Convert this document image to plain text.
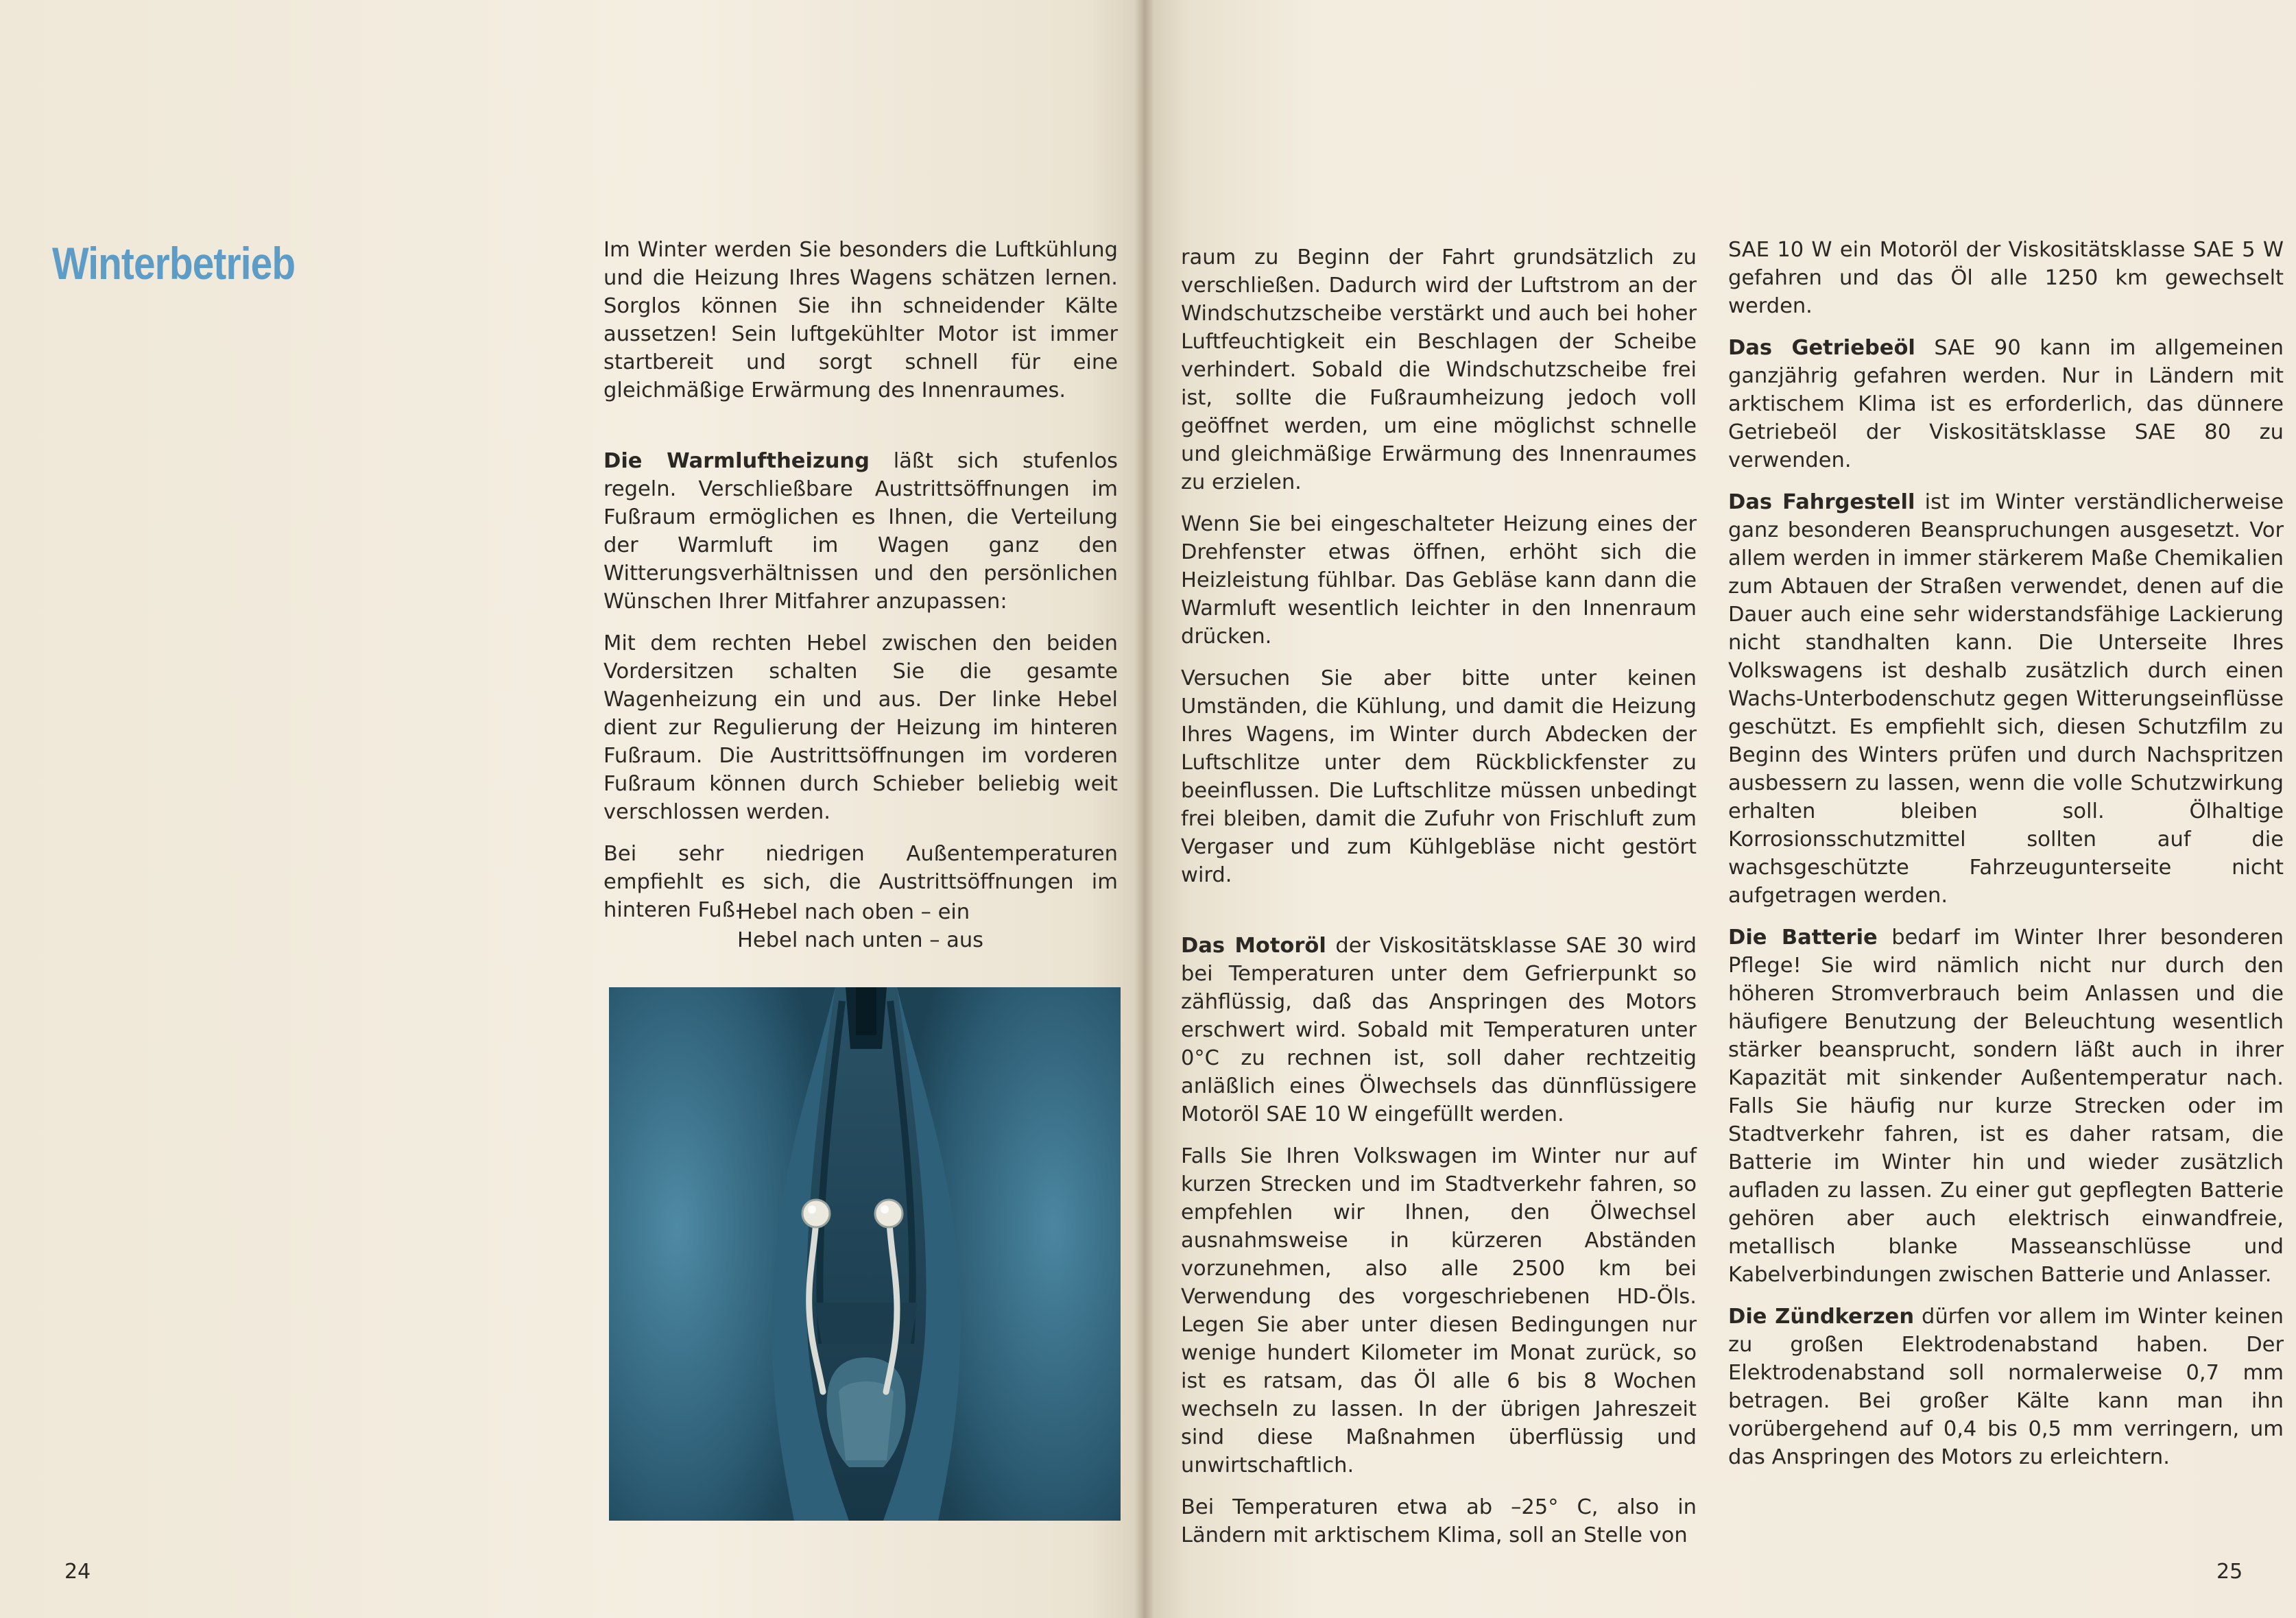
Winterbetrieb	Im Winter werden Sie besonders die Luftkühlung und die Heizung Ihres Wagens schätzen lernen. Sorglos können Sie ihn schneidender Kälte aussetzen! Sein luftgekühlter Motor ist immer startbereit und sorgt schnell für eine gleichmäßige Erwärmung des Innenraumes.

Die Warmluftheizung läßt sich stufenlos regeln. Verschließbare Austrittsöffnungen im Fußraum ermöglichen es Ihnen, die Verteilung der Warmluft im Wagen ganz den Witterungsverhältnissen und den persönlichen Wünschen Ihrer Mitfahrer anzupassen:

Mit dem rechten Hebel zwischen den beiden Vordersitzen schalten Sie die gesamte Wagenheizung ein und aus. Der linke Hebel dient zur Regulierung der Heizung im hinteren Fußraum. Die Austrittsöffnungen im vorderen Fußraum können durch Schieber beliebig weit verschlossen werden.

Bei sehr niedrigen Außentemperaturen empfiehlt es sich, die Austrittsöffnungen im hinteren Fuß-

Hebel nach oben – ein
Hebel nach unten – aus

raum zu Beginn der Fahrt grundsätzlich zu verschließen. Dadurch wird der Luftstrom an der Windschutzscheibe verstärkt und auch bei hoher Luftfeuchtigkeit ein Beschlagen der Scheibe verhindert. Sobald die Windschutzscheibe frei ist, sollte die Fußraumheizung jedoch voll geöffnet werden, um eine möglichst schnelle und gleichmäßige Erwärmung des Innenraumes zu erzielen.

Wenn Sie bei eingeschalteter Heizung eines der Drehfenster etwas öffnen, erhöht sich die Heizleistung fühlbar. Das Gebläse kann dann die Warmluft wesentlich leichter in den Innenraum drücken.

Versuchen Sie aber bitte unter keinen Umständen, die Kühlung, und damit die Heizung Ihres Wagens, im Winter durch Abdecken der Luftschlitze unter dem Rückblickfenster zu beeinflussen. Die Luftschlitze müssen unbedingt frei bleiben, damit die Zufuhr von Frischluft zum Vergaser und zum Kühlgebläse nicht gestört wird.

Das Motoröl der Viskositätsklasse SAE 30 wird bei Temperaturen unter dem Gefrierpunkt so zähflüssig, daß das Anspringen des Motors erschwert wird. Sobald mit Temperaturen unter 0°C zu rechnen ist, soll daher rechtzeitig anläßlich eines Ölwechsels das dünnflüssigere Motoröl SAE 10 W eingefüllt werden.

Falls Sie Ihren Volkswagen im Winter nur auf kurzen Strecken und im Stadtverkehr fahren, so empfehlen wir Ihnen, den Ölwechsel ausnahmsweise in kürzeren Abständen vorzunehmen, also alle 2500 km bei Verwendung des vorgeschriebenen HD-Öls. Legen Sie aber unter diesen Bedingungen nur wenige hundert Kilometer im Monat zurück, so ist es ratsam, das Öl alle 6 bis 8 Wochen wechseln zu lassen. In der übrigen Jahreszeit sind diese Maßnahmen überflüssig und unwirtschaftlich.

Bei Temperaturen etwa ab –25° C, also in Ländern mit arktischem Klima, soll an Stelle von

SAE 10 W ein Motoröl der Viskositätsklasse SAE 5 W gefahren und das Öl alle 1250 km gewechselt werden.

Das Getriebeöl SAE 90 kann im allgemeinen ganzjährig gefahren werden. Nur in Ländern mit arktischem Klima ist es erforderlich, das dünnere Getriebeöl der Viskositätsklasse SAE 80 zu verwenden.

Das Fahrgestell ist im Winter verständlicherweise ganz besonderen Beanspruchungen ausgesetzt. Vor allem werden in immer stärkerem Maße Chemikalien zum Abtauen der Straßen verwendet, denen auf die Dauer auch eine sehr widerstandsfähige Lackierung nicht standhalten kann. Die Unterseite Ihres Volkswagens ist deshalb zusätzlich durch einen Wachs-Unterbodenschutz gegen Witterungseinflüsse geschützt. Es empfiehlt sich, diesen Schutzfilm zu Beginn des Winters prüfen und durch Nachspritzen ausbessern zu lassen, wenn die volle Schutzwirkung erhalten bleiben soll. Ölhaltige Korrosionsschutzmittel sollten auf die wachsgeschützte Fahrzeugunterseite nicht aufgetragen werden.

Die Batterie bedarf im Winter Ihrer besonderen Pflege! Sie wird nämlich nicht nur durch den höheren Stromverbrauch beim Anlassen und die häufigere Benutzung der Beleuchtung wesentlich stärker beansprucht, sondern läßt auch in ihrer Kapazität mit sinkender Außentemperatur nach. Falls Sie häufig nur kurze Strecken oder im Stadtverkehr fahren, ist es daher ratsam, die Batterie im Winter hin und wieder zusätzlich aufladen zu lassen. Zu einer gut gepflegten Batterie gehören aber auch elektrisch einwandfreie, metallisch blanke Masseanschlüsse und Kabelverbindungen zwischen Batterie und Anlasser.

Die Zündkerzen dürfen vor allem im Winter keinen zu großen Elektrodenabstand haben. Der Elektrodenabstand soll normalerweise 0,7 mm betragen. Bei großer Kälte kann man ihn vorübergehend auf 0,4 bis 0,5 mm verringern, um das Anspringen des Motors zu erleichtern.

24	25
